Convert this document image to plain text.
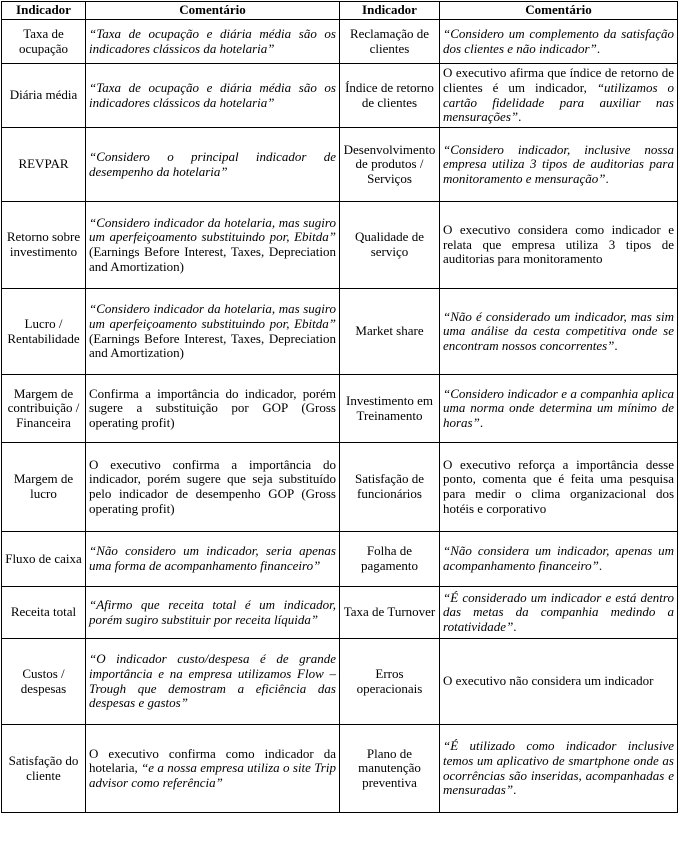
Indicador	Comentário	Indicador	Comentário
Taxa de ocupação	“Taxa de ocupação e diária média são os indicadores clássicos da hotelaria”	Reclamação de clientes	“Considero um complemento da satisfação dos clientes e não indicador”.
Diária média	“Taxa de ocupação e diária média são os indicadores clássicos da hotelaria”	Índice de retorno de clientes	O executivo afirma que índice de retorno de clientes é um indicador, “utilizamos o cartão fidelidade para auxiliar nas mensurações”.
REVPAR	“Considero o principal indicador de desempenho da hotelaria”	Desenvolvimento de produtos / Serviços	“Considero indicador, inclusive nossa empresa utiliza 3 tipos de auditorias para monitoramento e mensuração”.
Retorno sobre investimento	“Considero indicador da hotelaria, mas sugiro um aperfeiçoamento substituindo por, Ebitda” (Earnings Before Interest, Taxes, Depreciation and Amortization)	Qualidade de serviço	O executivo considera como indicador e relata que empresa utiliza 3 tipos de auditorias para monitoramento
Lucro / Rentabilidade	“Considero indicador da hotelaria, mas sugiro um aperfeiçoamento substituindo por, Ebitda” (Earnings Before Interest, Taxes, Depreciation and Amortization)	Market share	“Não é considerado um indicador, mas sim uma análise da cesta competitiva onde se encontram nossos concorrentes”.
Margem de contribuição / Financeira	Confirma a importância do indicador, porém sugere a substituição por GOP (Gross operating profit)	Investimento em Treinamento	“Considero indicador e a companhia aplica uma norma onde determina um mínimo de horas”.
Margem de lucro	O executivo confirma a importância do indicador, porém sugere que seja substituído pelo indicador de desempenho GOP (Gross operating profit)	Satisfação de funcionários	O executivo reforça a importância desse ponto, comenta que é feita uma pesquisa para medir o clima organizacional dos hotéis e corporativo
Fluxo de caixa	“Não considero um indicador, seria apenas uma forma de acompanhamento financeiro”	Folha de pagamento	“Não considera um indicador, apenas um acompanhamento financeiro”.
Receita total	“Afirmo que receita total é um indicador, porém sugiro substituir por receita líquida”	Taxa de Turnover	“É considerado um indicador e está dentro das metas da companhia medindo a rotatividade”.
Custos / despesas	“O indicador custo/despesa é de grande importância e na empresa utilizamos Flow – Trough que demostram a eficiência das despesas e gastos”	Erros operacionais	O executivo não considera um indicador
Satisfação do cliente	O executivo confirma como indicador da hotelaria, “e a nossa empresa utiliza o site Trip advisor como referência”	Plano de manutenção preventiva	“É utilizado como indicador inclusive temos um aplicativo de smartphone onde as ocorrências são inseridas, acompanhadas e mensuradas”.
